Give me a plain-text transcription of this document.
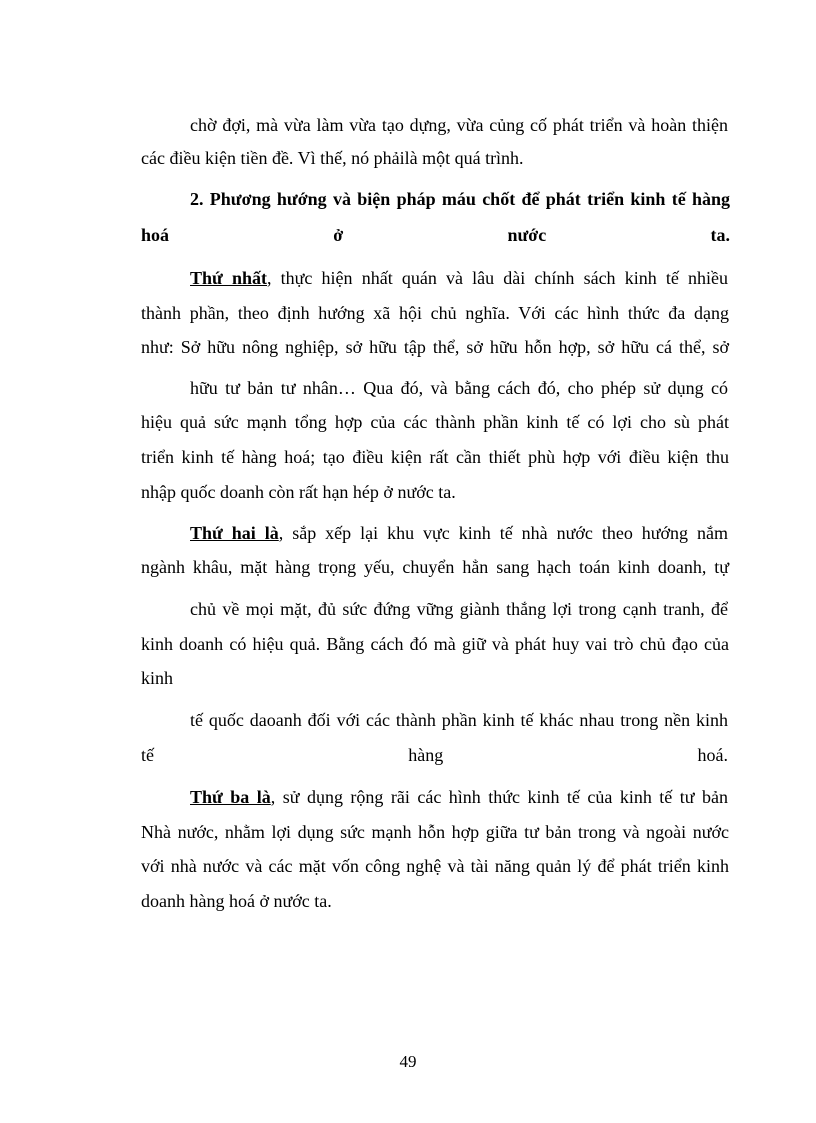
chờ đợi, mà vừa làm vừa tạo dựng, vừa củng cố phát triển và hoàn thiện
các điều kiện tiền đề. Vì thế, nó phảilà một quá trình.
2. Phương hướng và biện pháp máu chốt để phát triển kinh tế hàng
hoá	ở	nước	ta.
Thứ nhất, thực hiện nhất quán và lâu dài chính sách kinh tế nhiều
thành phần, theo định hướng xã hội chủ nghĩa. Với các hình thức đa dạng
như: Sở hữu nông nghiệp, sở hữu tập thể, sở hữu hỗn hợp, sở hữu cá thể, sở
hữu tư bản tư nhân… Qua đó, và bằng cách đó, cho phép sử dụng có
hiệu quả sức mạnh tổng hợp của các thành phần kinh tế có lợi cho sù phát
triển kinh tế hàng hoá; tạo điều kiện rất cần thiết phù hợp với điều kiện thu
nhập quốc doanh còn rất hạn hép ở nước ta.
Thứ hai là, sắp xếp lại khu vực kinh tế nhà nước theo hướng nắm
ngành khâu, mặt hàng trọng yếu, chuyển hẳn sang hạch toán kinh doanh, tự
chủ về mọi mặt, đủ sức đứng vững giành thắng lợi trong cạnh tranh, để
kinh doanh có hiệu quả. Bằng cách đó mà giữ và phát huy vai trò chủ đạo của
kinh
tế quốc daoanh đối với các thành phần kinh tế khác nhau trong nền kinh
tế	hàng	hoá.
Thứ ba là, sử dụng rộng rãi các hình thức kinh tế của kinh tế tư bản
Nhà nước, nhằm lợi dụng sức mạnh hỗn hợp giữa tư bản trong và ngoài nước
với nhà nước và các mặt vốn công nghệ và tài năng quản lý để phát triển kinh
doanh hàng hoá ở nước ta.
49
